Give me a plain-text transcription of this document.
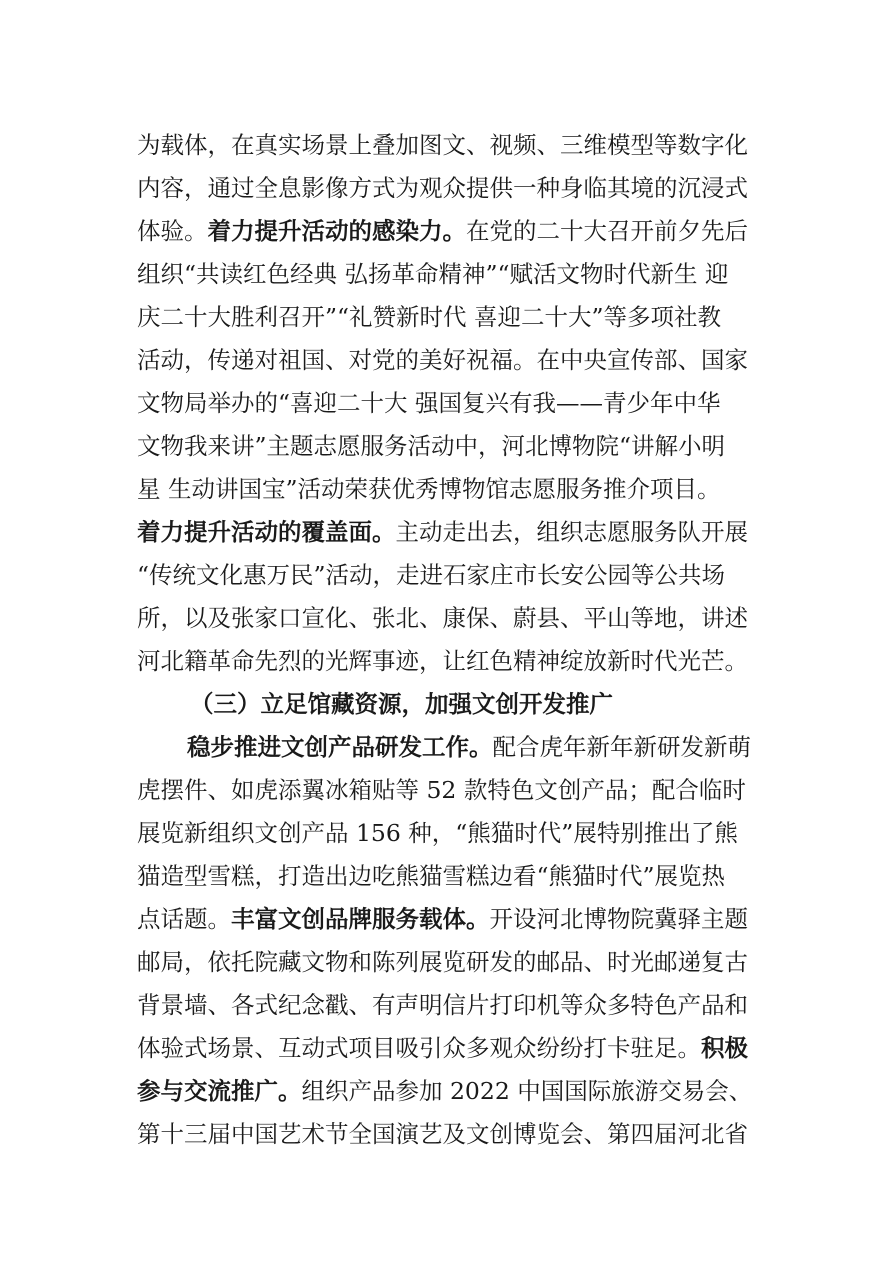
为载体，在真实场景上叠加图文、视频、三维模型等数字化
内容，通过全息影像方式为观众提供一种身临其境的沉浸式
体验。着力提升活动的感染力。在党的二十大召开前夕先后
组织“共读红色经典 弘扬革命精神”“赋活文物时代新生 迎
庆二十大胜利召开”“礼赞新时代 喜迎二十大”等多项社教
活动，传递对祖国、对党的美好祝福。在中央宣传部、国家
文物局举办的“喜迎二十大 强国复兴有我——青少年中华
文物我来讲”主题志愿服务活动中，河北博物院“讲解小明
星 生动讲国宝”活动荣获优秀博物馆志愿服务推介项目。
着力提升活动的覆盖面。主动走出去，组织志愿服务队开展
“传统文化惠万民”活动，走进石家庄市长安公园等公共场
所，以及张家口宣化、张北、康保、蔚县、平山等地，讲述
河北籍革命先烈的光辉事迹，让红色精神绽放新时代光芒。
（三）立足馆藏资源，加强文创开发推广
稳步推进文创产品研发工作。配合虎年新年新研发新萌
虎摆件、如虎添翼冰箱贴等 52 款特色文创产品；配合临时
展览新组织文创产品 156 种，“熊猫时代”展特别推出了熊
猫造型雪糕，打造出边吃熊猫雪糕边看“熊猫时代”展览热
点话题。丰富文创品牌服务载体。开设河北博物院冀驿主题
邮局，依托院藏文物和陈列展览研发的邮品、时光邮递复古
背景墙、各式纪念戳、有声明信片打印机等众多特色产品和
体验式场景、互动式项目吸引众多观众纷纷打卡驻足。积极
参与交流推广。组织产品参加 2022 中国国际旅游交易会、
第十三届中国艺术节全国演艺及文创博览会、第四届河北省
